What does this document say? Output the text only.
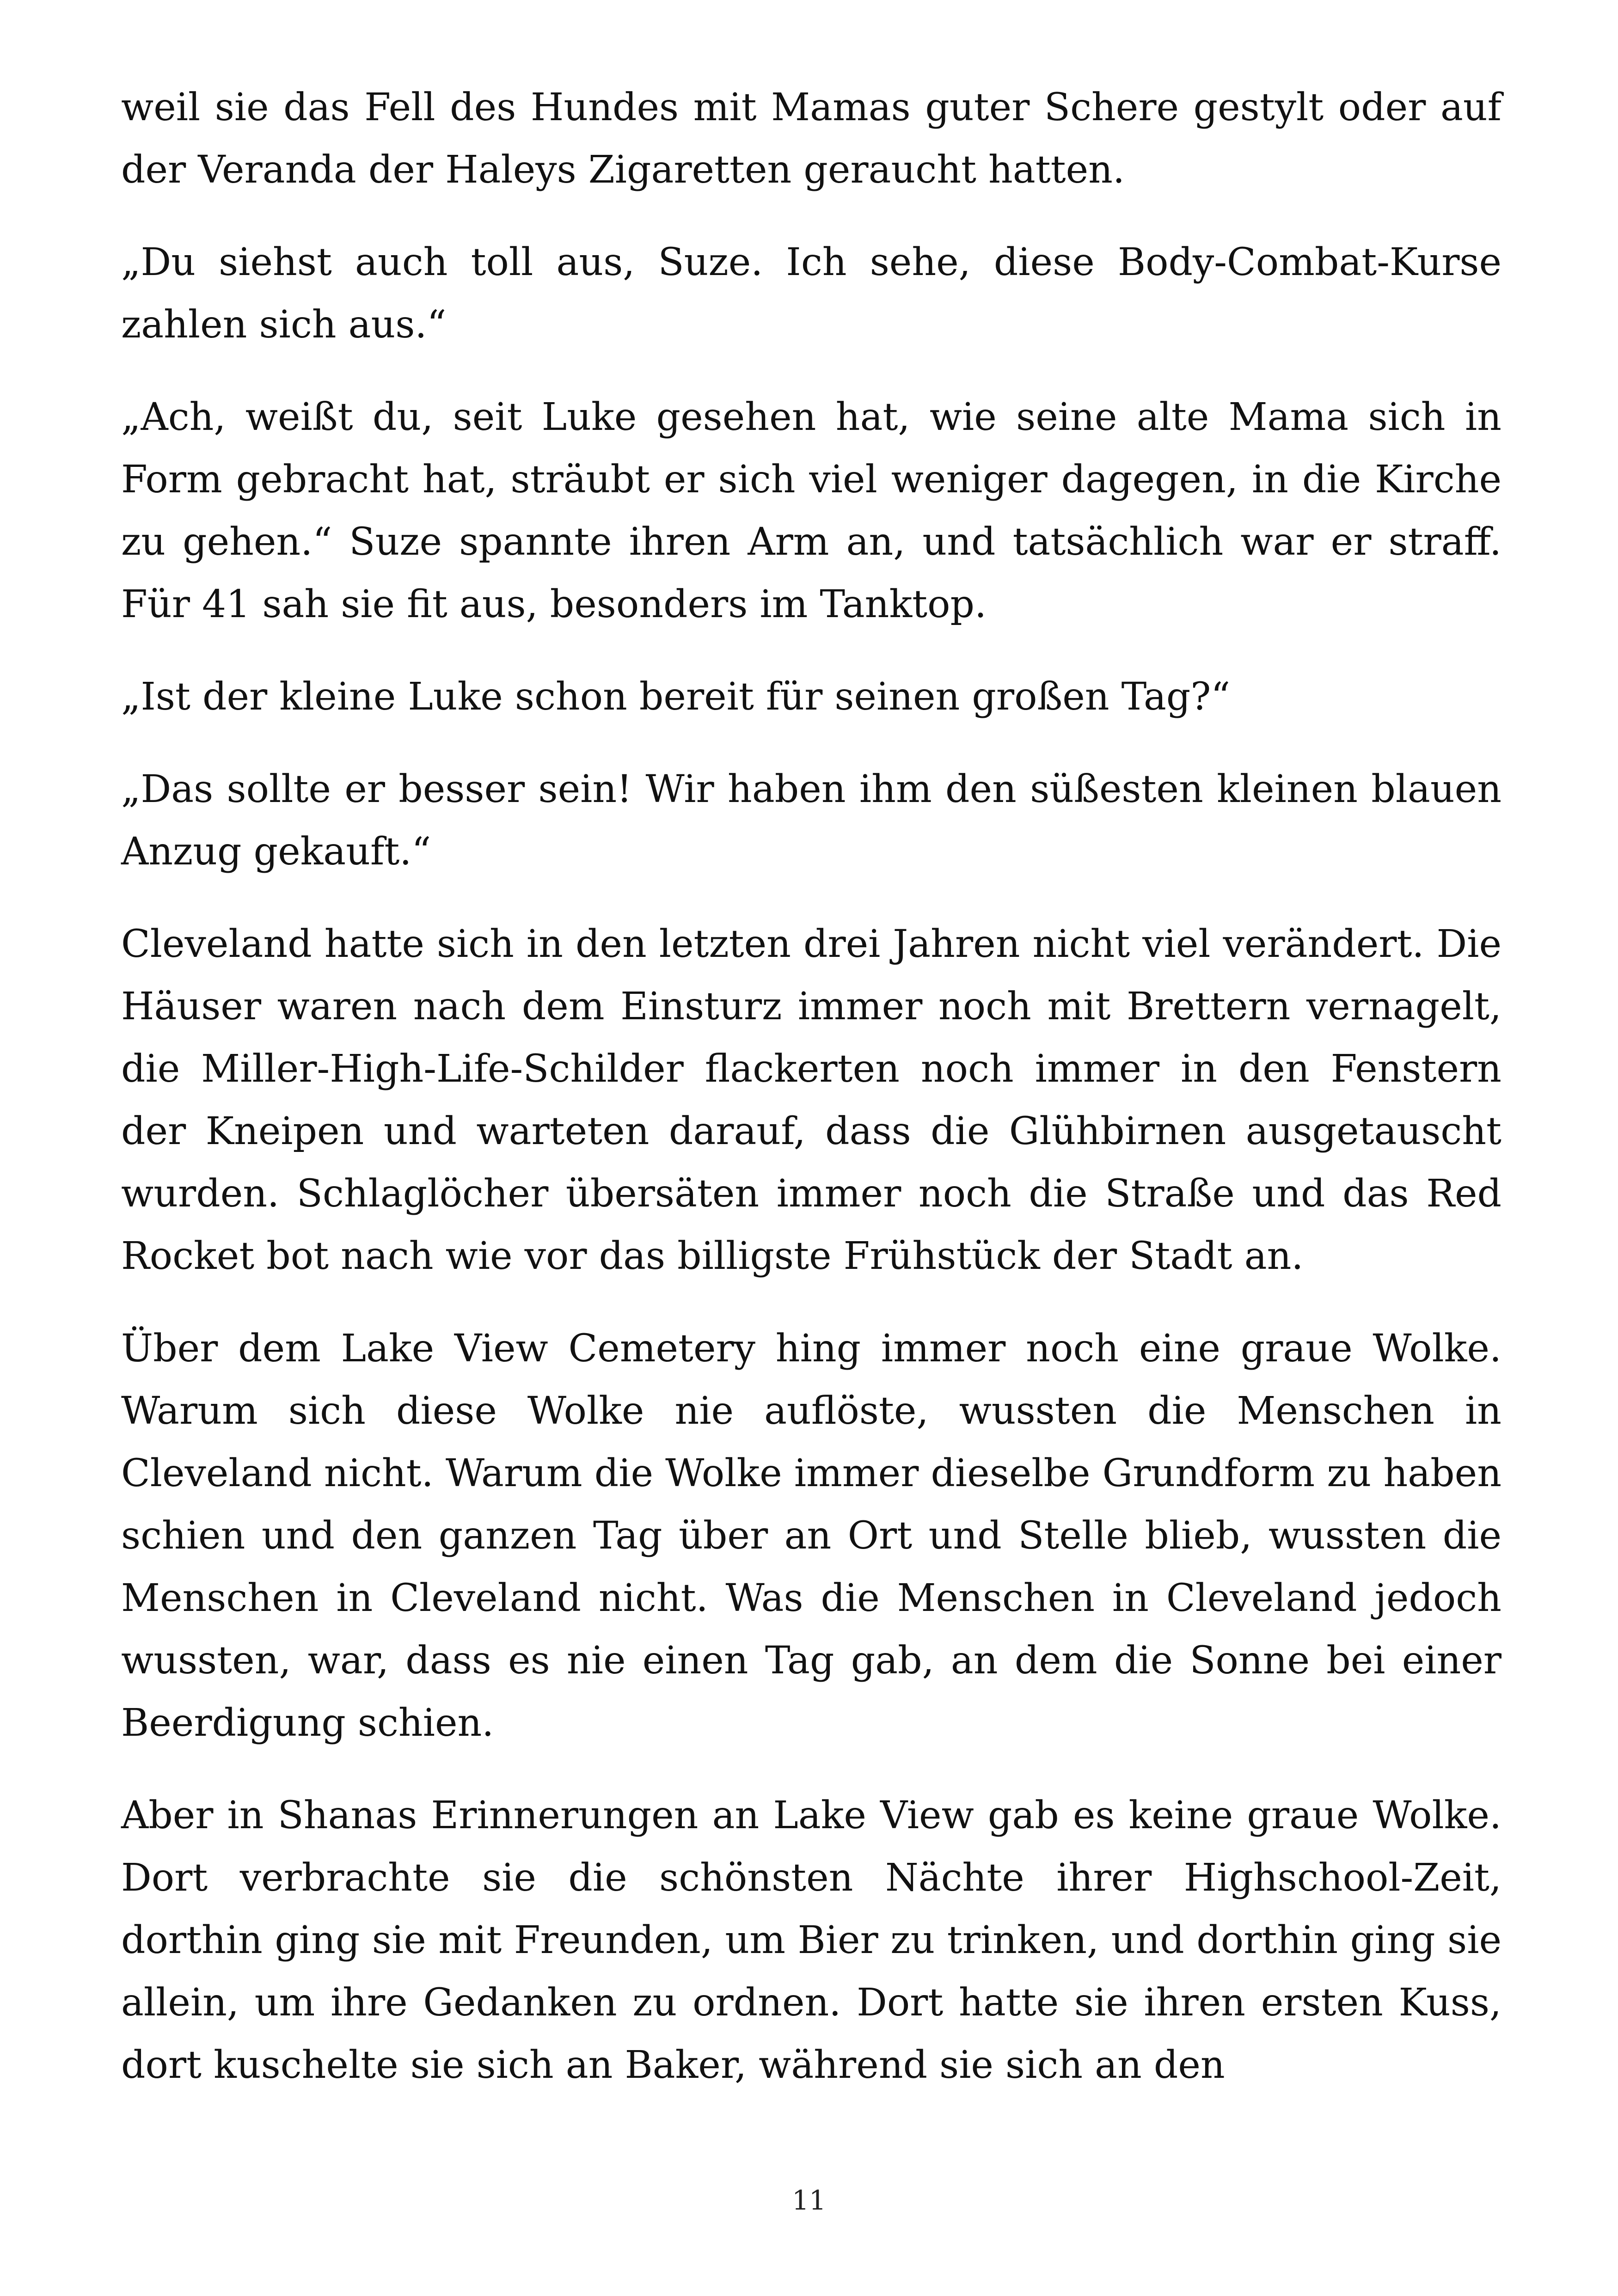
weil sie das Fell des Hundes mit Mamas guter Schere gestylt oder auf der Veranda der Haleys Zigaretten geraucht hatten.

„Du siehst auch toll aus, Suze. Ich sehe, diese Body-Combat-Kurse zahlen sich aus.“

„Ach, weißt du, seit Luke gesehen hat, wie seine alte Mama sich in Form gebracht hat, sträubt er sich viel weniger dagegen, in die Kirche zu gehen.“ Suze spannte ihren Arm an, und tatsächlich war er straff. Für 41 sah sie fit aus, besonders im Tanktop.

„Ist der kleine Luke schon bereit für seinen großen Tag?“

„Das sollte er besser sein! Wir haben ihm den süßesten kleinen blauen Anzug gekauft.“

Cleveland hatte sich in den letzten drei Jahren nicht viel verändert. Die Häuser waren nach dem Einsturz immer noch mit Brettern vernagelt, die Miller-High-Life-Schilder flackerten noch immer in den Fenstern der Kneipen und warteten darauf, dass die Glühbirnen ausgetauscht wurden. Schlaglöcher übersäten immer noch die Straße und das Red Rocket bot nach wie vor das billigste Frühstück der Stadt an.

Über dem Lake View Cemetery hing immer noch eine graue Wolke. Warum sich diese Wolke nie auflöste, wussten die Menschen in Cleveland nicht. Warum die Wolke immer dieselbe Grundform zu haben schien und den ganzen Tag über an Ort und Stelle blieb, wussten die Menschen in Cleveland nicht. Was die Menschen in Cleveland jedoch wussten, war, dass es nie einen Tag gab, an dem die Sonne bei einer Beerdigung schien.

Aber in Shanas Erinnerungen an Lake View gab es keine graue Wolke. Dort verbrachte sie die schönsten Nächte ihrer Highschool-Zeit, dorthin ging sie mit Freunden, um Bier zu trinken, und dorthin ging sie allein, um ihre Gedanken zu ordnen. Dort hatte sie ihren ersten Kuss, dort kuschelte sie sich an Baker, während sie sich an den

11
